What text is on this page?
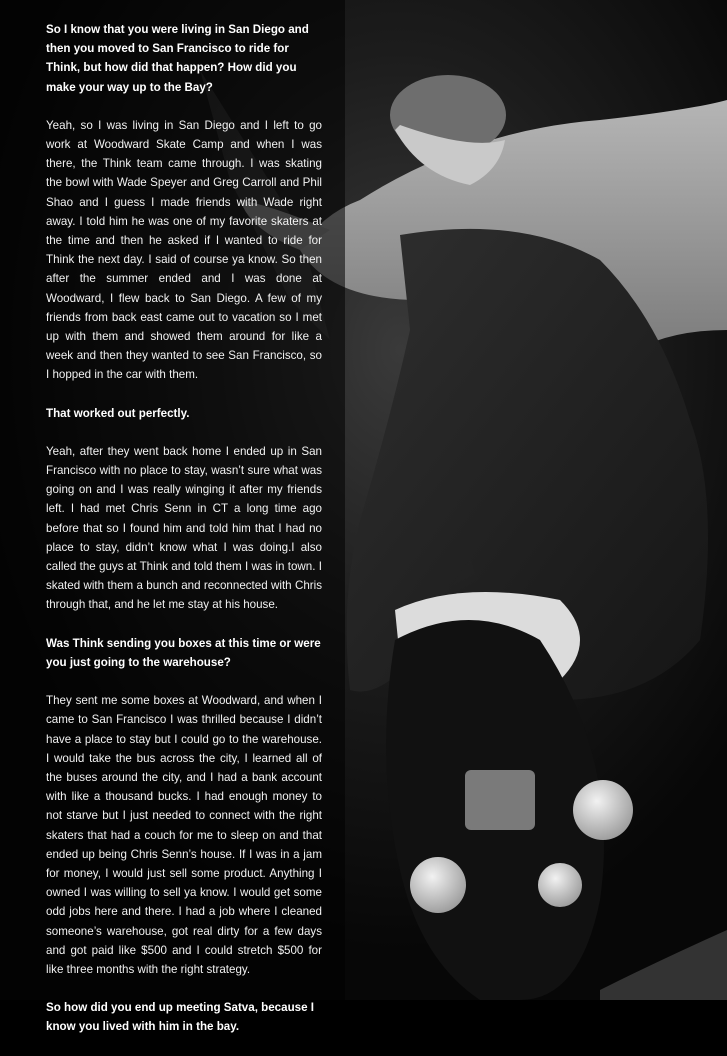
So I know that you were living in San Diego and then you moved to San Francisco to ride for Think, but how did that happen? How did you make your way up to the Bay?

Yeah, so I was living in San Diego and I left to go work at Woodward Skate Camp and when I was there, the Think team came through. I was skating the bowl with Wade Speyer and Greg Carroll and Phil Shao and I guess I made friends with Wade right away. I told him he was one of my favorite skaters at the time and then he asked if I wanted to ride for Think the next day. I said of course ya know. So then after the summer ended and I was done at Woodward, I flew back to San Diego. A few of my friends from back east came out to vacation so I met up with them and showed them around for like a week and then they wanted to see San Francisco, so I hopped in the car with them.

That worked out perfectly.

Yeah, after they went back home I ended up in San Francisco with no place to stay, wasn’t sure what was going on and I was really winging it after my friends left. I had met Chris Senn in CT a long time ago before that so I found him and told him that I had no place to stay, didn’t know what I was doing.I also called the guys at Think and told them I was in town. I skated with them a bunch and reconnected with Chris through that, and he let me stay at his house.

Was Think sending you boxes at this time or were you just going to the warehouse?

They sent me some boxes at Woodward, and when I came to San Francisco I was thrilled because I didn’t have a place to stay but I could go to the warehouse. I would take the bus across the city, I learned all of the buses around the city, and I had a bank account with like a thousand bucks. I had enough money to not starve but I just needed to connect with the right skaters that had a couch for me to sleep on and that ended up being Chris Senn’s house. If I was in a jam for money, I would just sell some product. Anything I owned I was willing to sell ya know. I would get some odd jobs here and there. I had a job where I cleaned someone’s warehouse, got real dirty for a few days and got paid like $500 and I could stretch $500 for like three months with the right strategy.

So how did you end up meeting Satva, because I know you lived with him in the bay.
